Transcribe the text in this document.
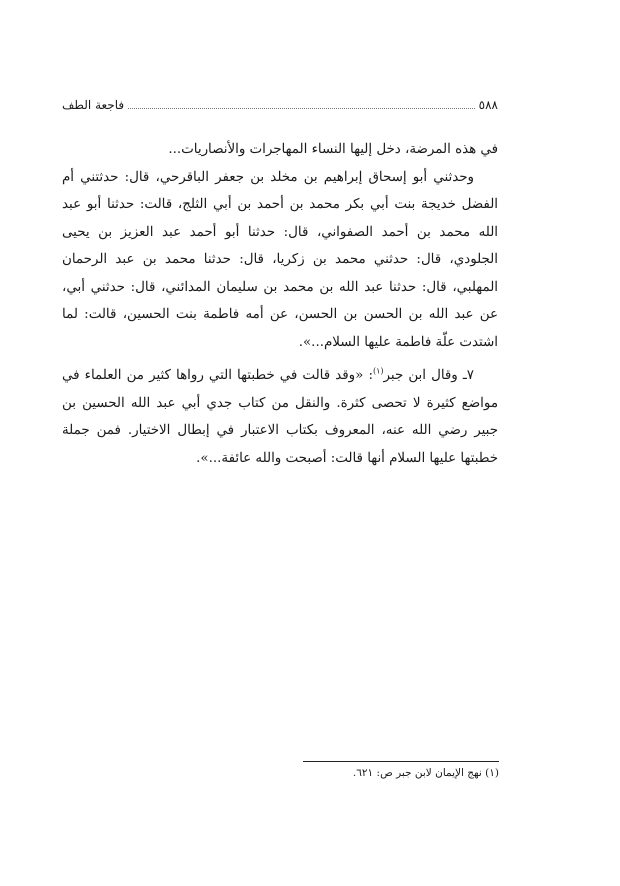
٥٨٨
فاجعة الطف

في هذه المرضة، دخل إليها النساء المهاجرات والأنصاريات...

وحدثني أبو إسحاق إبراهيم بن مخلد بن جعفر الباقرحي، قال: حدثتني أم الفضل خديجة بنت أبي بكر محمد بن أحمد بن أبي الثلج، قالت: حدثنا أبو عبد الله محمد بن أحمد الصفواني، قال: حدثنا أبو أحمد عبد العزيز بن يحيى الجلودي، قال: حدثني محمد بن زكريا، قال: حدثنا محمد بن عبد الرحمان المهلبي، قال: حدثنا عبد الله بن محمد بن سليمان المدائني، قال: حدثني أبي، عن عبد الله بن الحسن بن الحسن، عن أمه فاطمة بنت الحسين، قالت: لما اشتدت علّة فاطمة عليها السلام...».

٧ـ وقال ابن جبر$^{(١)}$: «وقد قالت في خطبتها التي رواها كثير من العلماء في مواضع كثيرة لا تحصى كثرة. والنقل من كتاب جدي أبي عبد الله الحسين بن جبير رضي الله عنه، المعروف بكتاب الاعتبار في إبطال الاختيار. فمن جملة خطبتها عليها السلام أنها قالت: أصبحت والله عائفة...».

(١) نهج الإيمان لابن جبر ص: ٦٢١.
